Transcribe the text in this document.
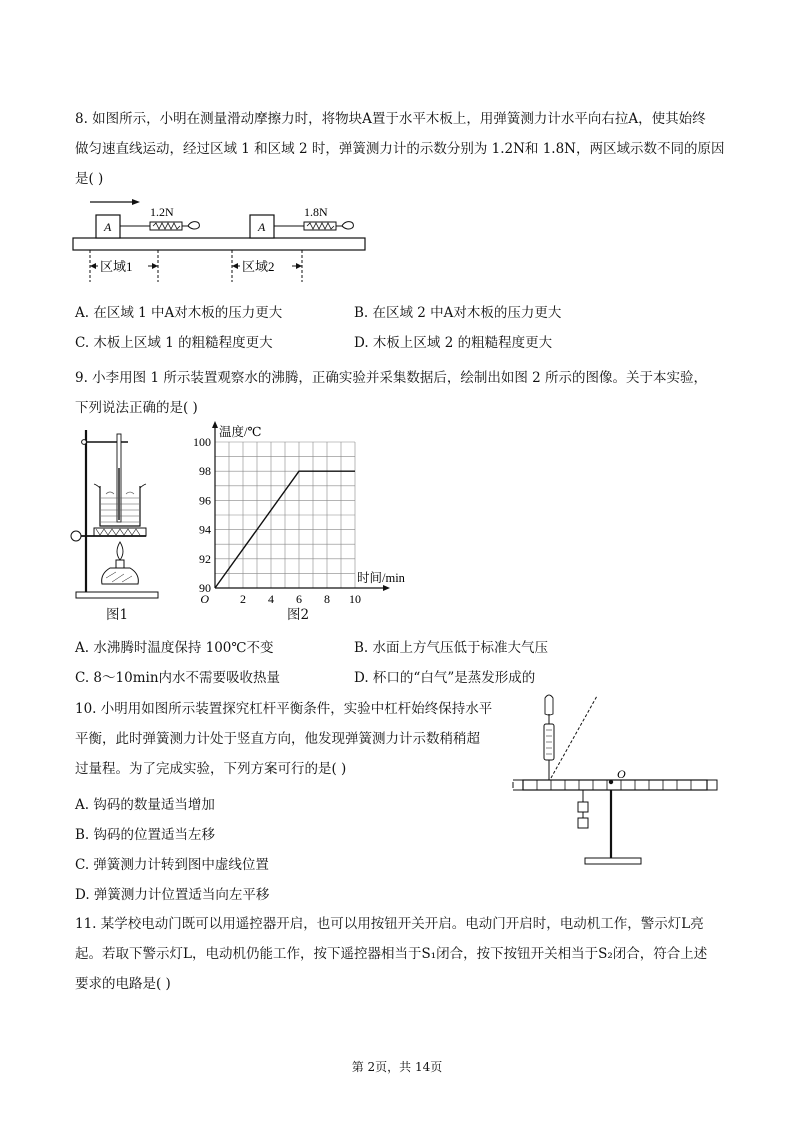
8. 如图所示，小明在测量滑动摩擦力时，将物块A置于水平木板上，用弹簧测力计水平向右拉A，使其始终
做匀速直线运动，经过区域 1 和区域 2 时，弹簧测力计的示数分别为 1.2N和 1.8N，两区域示数不同的原因
是( )
A
1.2N
A
1.8N
区域1	区域2
A. 在区域 1 中A对木板的压力更大	B. 在区域 2 中A对木板的压力更大
C. 木板上区域 1 的粗糙程度更大	D. 木板上区域 2 的粗糙程度更大
9. 小李用图 1 所示装置观察水的沸腾，正确实验并采集数据后，绘制出如图 2 所示的图像。关于本实验，
下列说法正确的是( )
图1
90
92
94
96
98
100
2 4 6 8 10
O
温度/℃
时间/min
图2
A. 水沸腾时温度保持 100℃不变	B. 水面上方气压低于标准大气压
C. 8～10min内水不需要吸收热量	D. 杯口的“白气”是蒸发形成的
10. 小明用如图所示装置探究杠杆平衡条件，实验中杠杆始终保持水平
平衡，此时弹簧测力计处于竖直方向，他发现弹簧测力计示数稍稍超
过量程。为了完成实验，下列方案可行的是( )
A. 钩码的数量适当增加
B. 钩码的位置适当左移
C. 弹簧测力计转到图中虚线位置
D. 弹簧测力计位置适当向左平移
O
11. 某学校电动门既可以用遥控器开启，也可以用按钮开关开启。电动门开启时，电动机工作，警示灯L亮
起。若取下警示灯L，电动机仍能工作，按下遥控器相当于S₁闭合，按下按钮开关相当于S₂闭合，符合上述
要求的电路是( )
第 2页，共 14页
